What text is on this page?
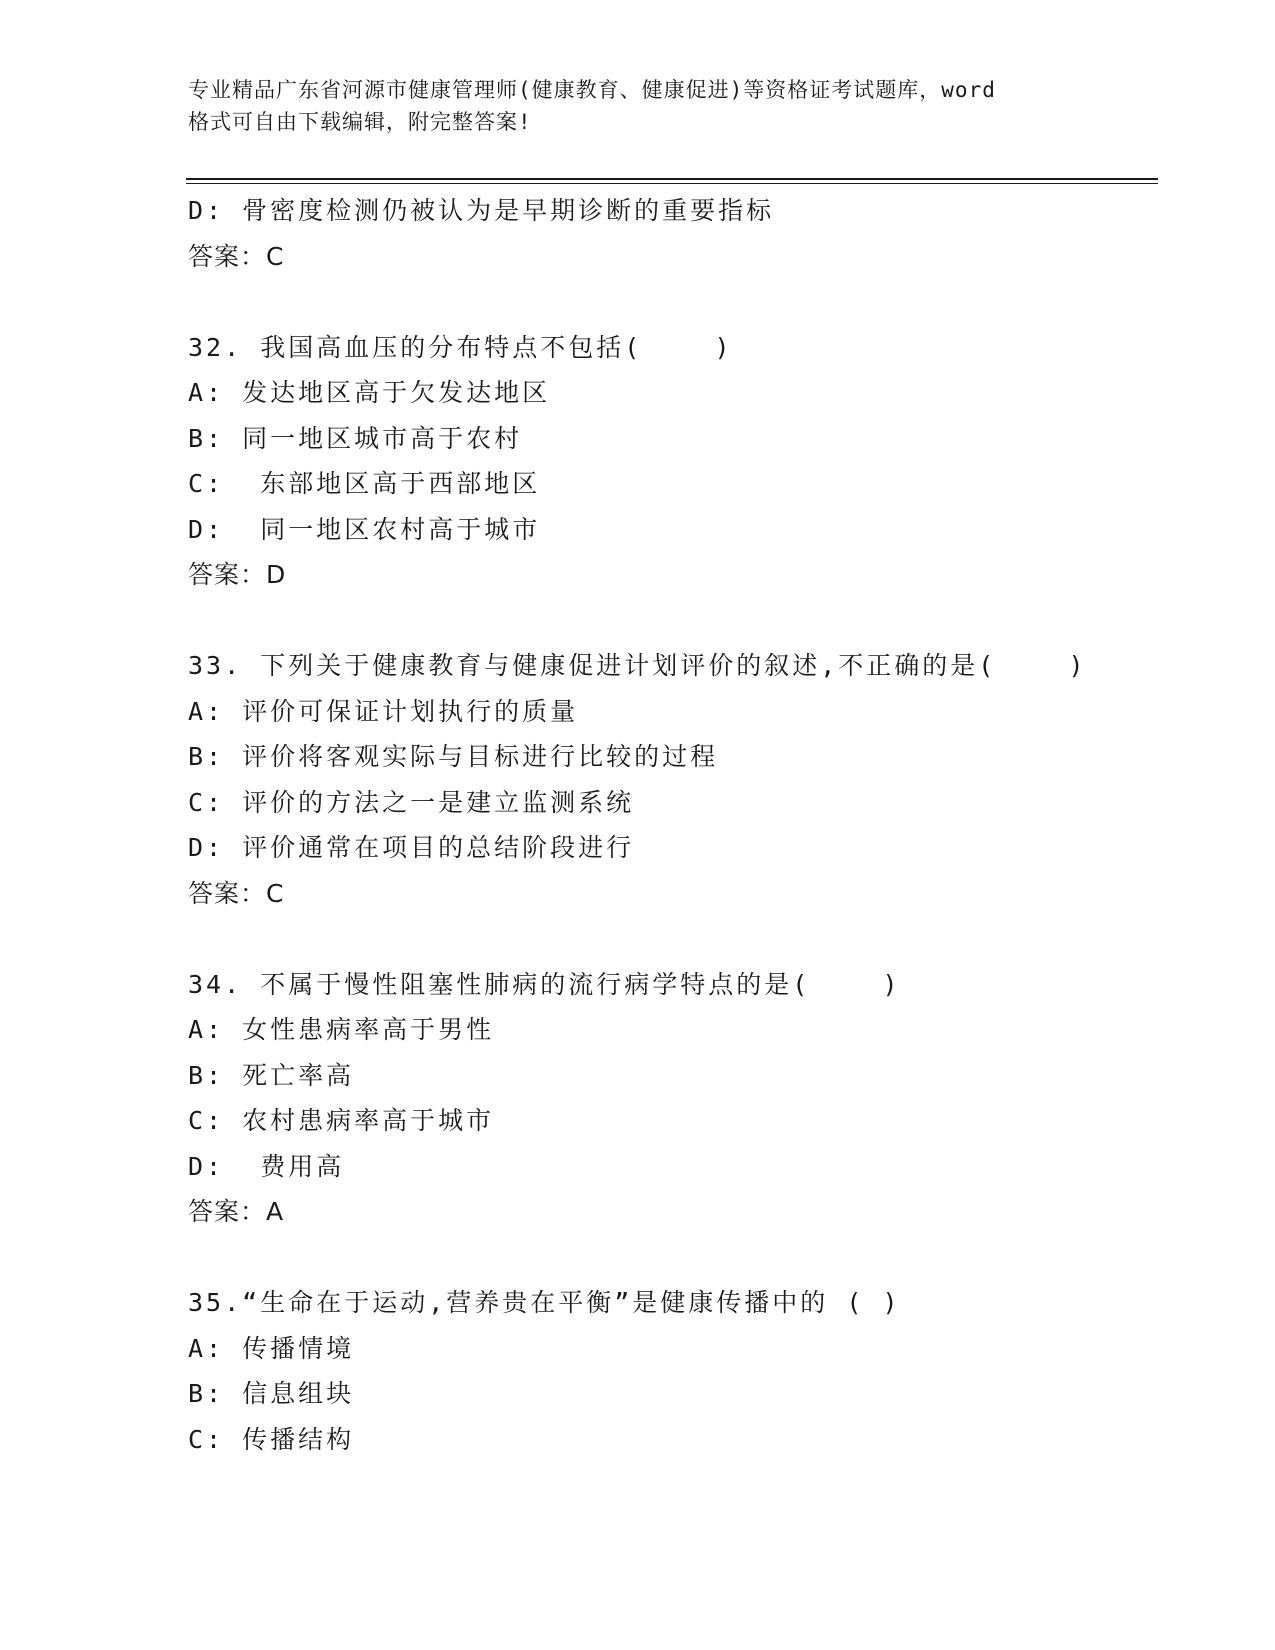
专业精品广东省河源市健康管理师(健康教育、健康促进)等资格证考试题库，word
格式可自由下载编辑，附完整答案!
D: 骨密度检测仍被认为是早期诊断的重要指标
答案：C
32. 我国高血压的分布特点不包括(    )
A: 发达地区高于欠发达地区
B: 同一地区城市高于农村
C:  东部地区高于西部地区
D:  同一地区农村高于城市
答案：D
33. 下列关于健康教育与健康促进计划评价的叙述,不正确的是(    )
A: 评价可保证计划执行的质量
B: 评价将客观实际与目标进行比较的过程
C: 评价的方法之一是建立监测系统
D: 评价通常在项目的总结阶段进行
答案：C
34. 不属于慢性阻塞性肺病的流行病学特点的是(    )
A: 女性患病率高于男性
B: 死亡率高
C: 农村患病率高于城市
D:  费用高
答案：A
35.“生命在于运动,营养贵在平衡”是健康传播中的 ( )
A: 传播情境
B: 信息组块
C: 传播结构
